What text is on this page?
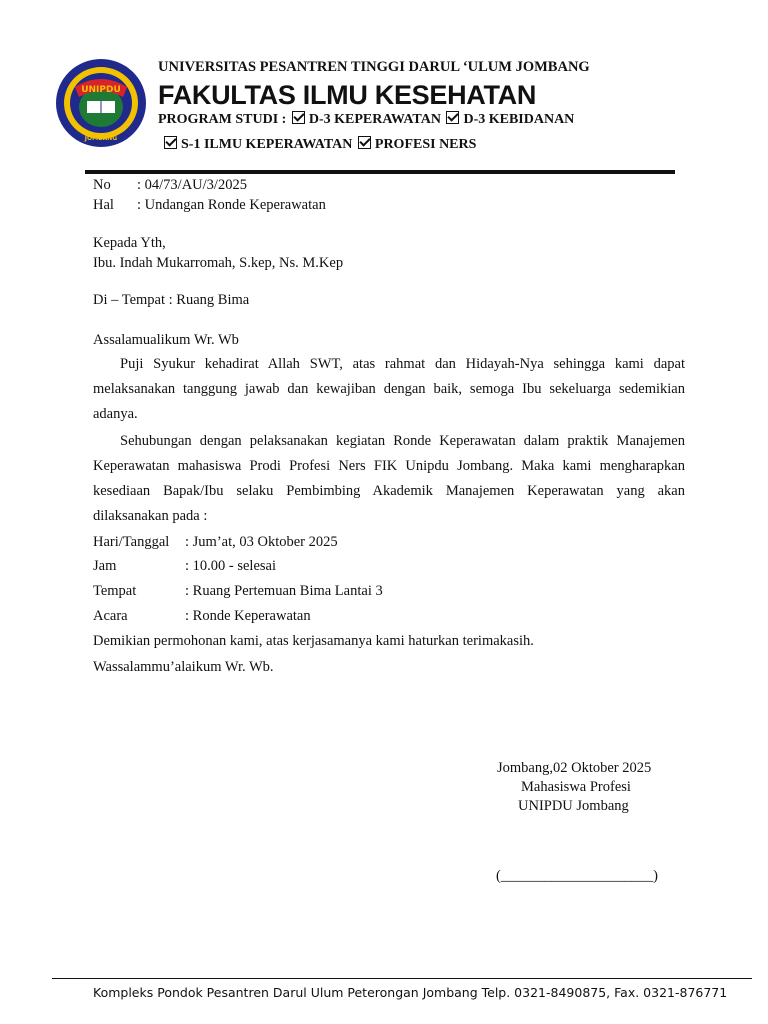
UNIPDU
JOMBANG
UNIVERSITAS PESANTREN TINGGI DARUL ‘ULUM JOMBANG
FAKULTAS ILMU KESEHATAN
PROGRAM STUDI : D-3 KEPERAWATAN D-3 KEBIDANAN
S-1 ILMU KEPERAWATAN PROFESI NERS
No : 04/73/AU/3/2025
Hal : Undangan Ronde Keperawatan
Kepada Yth,
Ibu. Indah Mukarromah, S.kep, Ns. M.Kep
Di – Tempat : Ruang Bima
Assalamualikum Wr. Wb
Puji Syukur kehadirat Allah SWT, atas rahmat dan Hidayah-Nya sehingga kami dapat melaksanakan tanggung jawab dan kewajiban dengan baik, semoga Ibu sekeluarga sedemikian adanya.
Sehubungan dengan pelaksanakan kegiatan Ronde Keperawatan dalam praktik Manajemen Keperawatan mahasiswa Prodi Profesi Ners FIK Unipdu Jombang. Maka kami mengharapkan kesediaan Bapak/Ibu selaku Pembimbing Akademik Manajemen Keperawatan yang akan dilaksanakan pada :
Hari/Tanggal : Jum’at, 03 Oktober 2025
Jam	: 10.00 - selesai
Tempat	: Ruang Pertemuan Bima Lantai 3
Acara	: Ronde Keperawatan
Demikian permohonan kami, atas kerjasamanya kami haturkan terimakasih.
Wassalammu’alaikum Wr. Wb.
Jombang,02 Oktober 2025
Mahasiswa Profesi
UNIPDU Jombang
(_____________________)
Kompleks Pondok Pesantren Darul Ulum Peterongan Jombang Telp. 0321-8490875, Fax. 0321-876771
